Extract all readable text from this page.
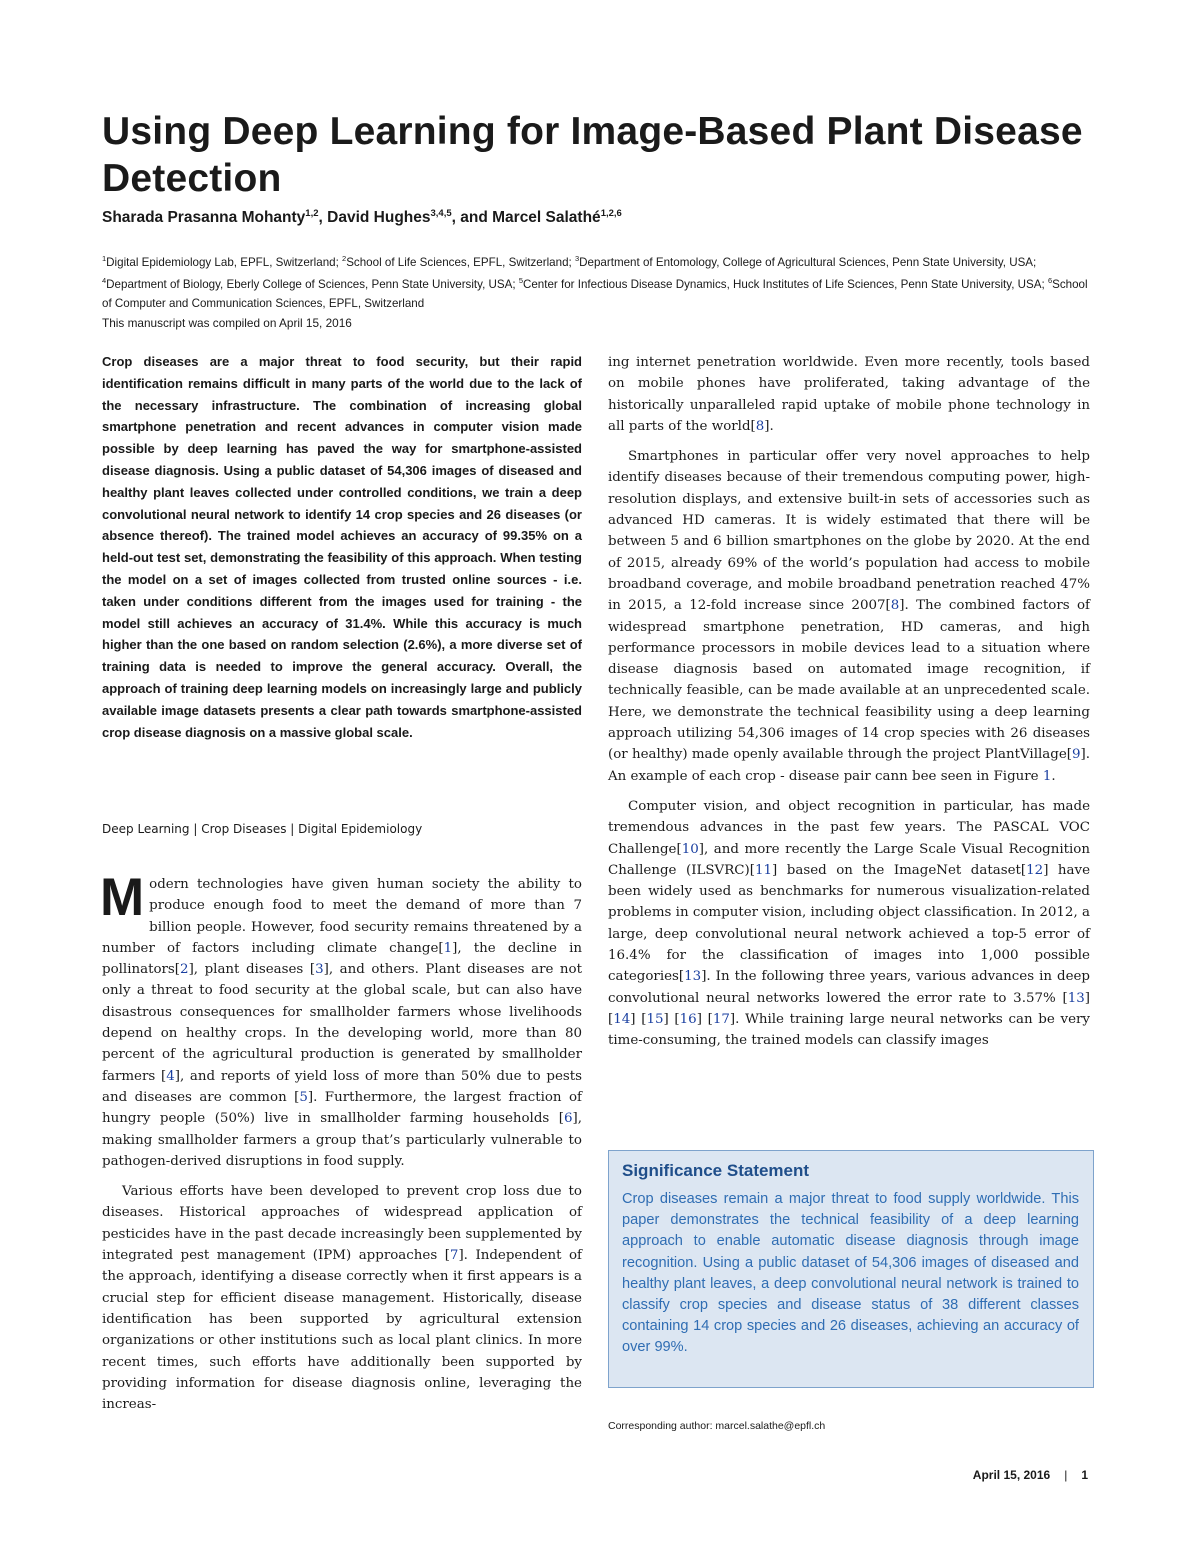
Using Deep Learning for Image-Based Plant Disease Detection
Sharada Prasanna Mohanty$^{1,2}$, David Hughes$^{3,4,5}$, and Marcel Salathé$^{1,2,6}$
$^1$Digital Epidemiology Lab, EPFL, Switzerland; $^2$School of Life Sciences, EPFL, Switzerland; $^3$Department of Entomology, College of Agricultural Sciences, Penn State University, USA; $^4$Department of Biology, Eberly College of Sciences, Penn State University, USA; $^5$Center for Infectious Disease Dynamics, Huck Institutes of Life Sciences, Penn State University, USA; $^6$School of Computer and Communication Sciences, EPFL, Switzerland
This manuscript was compiled on April 15, 2016

Crop diseases are a major threat to food security, but their rapid identification remains difficult in many parts of the world due to the lack of the necessary infrastructure. The combination of increasing global smartphone penetration and recent advances in computer vision made possible by deep learning has paved the way for smartphone-assisted disease diagnosis. Using a public dataset of 54,306 images of diseased and healthy plant leaves collected under controlled conditions, we train a deep convolutional neural network to identify 14 crop species and 26 diseases (or absence thereof). The trained model achieves an accuracy of 99.35% on a held-out test set, demonstrating the feasibility of this approach. When testing the model on a set of images collected from trusted online sources - i.e. taken under conditions different from the images used for training - the model still achieves an accuracy of 31.4%. While this accuracy is much higher than the one based on random selection (2.6%), a more diverse set of training data is needed to improve the general accuracy. Overall, the approach of training deep learning models on increasingly large and publicly available image datasets presents a clear path towards smartphone-assisted crop disease diagnosis on a massive global scale.

Deep Learning | Crop Diseases | Digital Epidemiology

Modern technologies have given human society the ability to produce enough food to meet the demand of more than 7 billion people. However, food security remains threatened by a number of factors including climate change[1], the decline in pollinators[2], plant diseases [3], and others. Plant diseases are not only a threat to food security at the global scale, but can also have disastrous consequences for smallholder farmers whose livelihoods depend on healthy crops. In the developing world, more than 80 percent of the agricultural production is generated by smallholder farmers [4], and reports of yield loss of more than 50% due to pests and diseases are common [5]. Furthermore, the largest fraction of hungry people (50%) live in smallholder farming households [6], making smallholder farmers a group that’s particularly vulnerable to pathogen-derived disruptions in food supply.

Various efforts have been developed to prevent crop loss due to diseases. Historical approaches of widespread application of pesticides have in the past decade increasingly been supplemented by integrated pest management (IPM) approaches [7]. Independent of the approach, identifying a disease correctly when it first appears is a crucial step for efficient disease management. Historically, disease identification has been supported by agricultural extension organizations or other institutions such as local plant clinics. In more recent times, such efforts have additionally been supported by providing information for disease diagnosis online, leveraging the increas-

ing internet penetration worldwide. Even more recently, tools based on mobile phones have proliferated, taking advantage of the historically unparalleled rapid uptake of mobile phone technology in all parts of the world[8].

Smartphones in particular offer very novel approaches to help identify diseases because of their tremendous computing power, high-resolution displays, and extensive built-in sets of accessories such as advanced HD cameras. It is widely estimated that there will be between 5 and 6 billion smartphones on the globe by 2020. At the end of 2015, already 69% of the world’s population had access to mobile broadband coverage, and mobile broadband penetration reached 47% in 2015, a 12-fold increase since 2007[8]. The combined factors of widespread smartphone penetration, HD cameras, and high performance processors in mobile devices lead to a situation where disease diagnosis based on automated image recognition, if technically feasible, can be made available at an unprecedented scale. Here, we demonstrate the technical feasibility using a deep learning approach utilizing 54,306 images of 14 crop species with 26 diseases (or healthy) made openly available through the project PlantVillage[9]. An example of each crop - disease pair cann bee seen in Figure 1.

Computer vision, and object recognition in particular, has made tremendous advances in the past few years. The PASCAL VOC Challenge[10], and more recently the Large Scale Visual Recognition Challenge (ILSVRC)[11] based on the ImageNet dataset[12] have been widely used as benchmarks for numerous visualization-related problems in computer vision, including object classification. In 2012, a large, deep convolutional neural network achieved a top-5 error of 16.4% for the classification of images into 1,000 possible categories[13]. In the following three years, various advances in deep convolutional neural networks lowered the error rate to 3.57% [13] [14] [15] [16] [17]. While training large neural networks can be very time-consuming, the trained models can classify images

Significance Statement

Crop diseases remain a major threat to food supply worldwide. This paper demonstrates the technical feasibility of a deep learning approach to enable automatic disease diagnosis through image recognition. Using a public dataset of 54,306 images of diseased and healthy plant leaves, a deep convolutional neural network is trained to classify crop species and disease status of 38 different classes containing 14 crop species and 26 diseases, achieving an accuracy of over 99%.

Corresponding author: marcel.salathe@epfl.ch
April 15, 2016 | 1
